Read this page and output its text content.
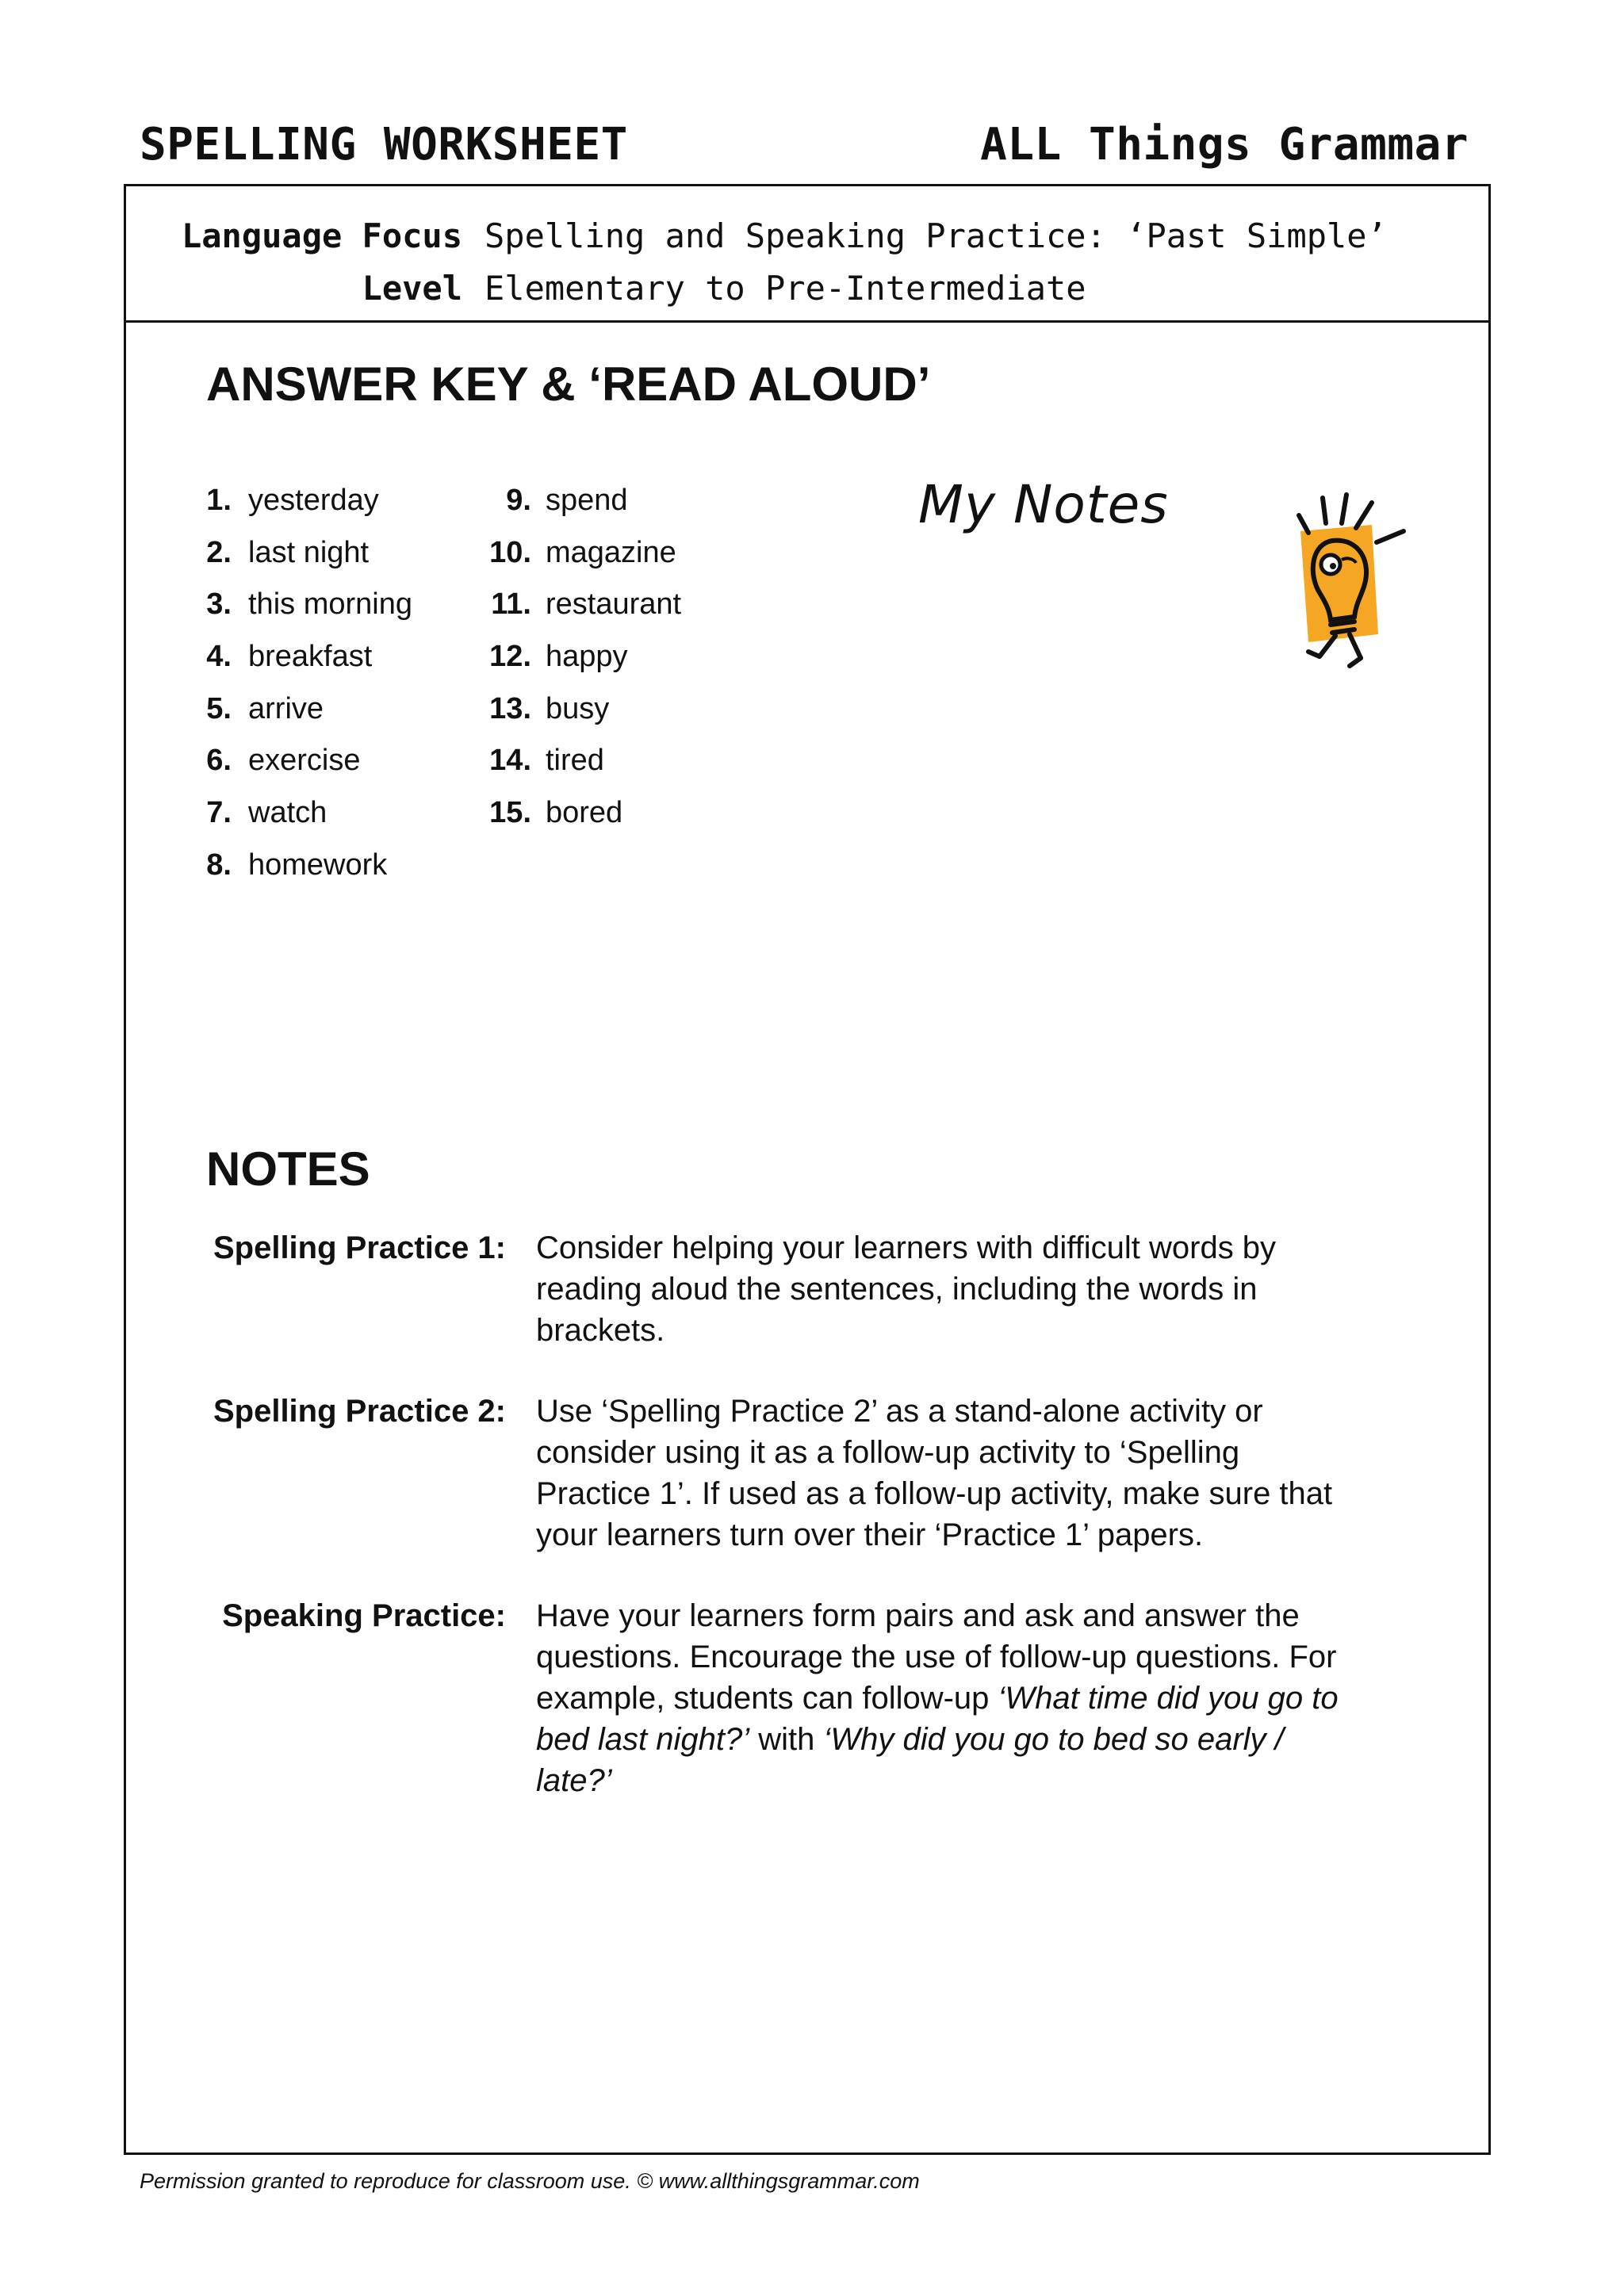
SPELLING WORKSHEET	ALL Things Grammar
Language Focus Spelling and Speaking Practice: ‘Past Simple’
Level Elementary to Pre-Intermediate
ANSWER KEY & ‘READ ALOUD’
1. yesterday
2. last night
3. this morning
4. breakfast
5. arrive
6. exercise
7. watch
8. homework
9. spend
10. magazine
11. restaurant
12. happy
13. busy
14. tired
15. bored
My Notes
NOTES
Spelling Practice 1: Consider helping your learners with difficult words by reading aloud the sentences, including the words in brackets.
Spelling Practice 2: Use ‘Spelling Practice 2’ as a stand-alone activity or consider using it as a follow-up activity to ‘Spelling Practice 1’. If used as a follow-up activity, make sure that your learners turn over their ‘Practice 1’ papers.
Speaking Practice: Have your learners form pairs and ask and answer the questions. Encourage the use of follow-up questions. For example, students can follow-up ‘What time did you go to bed last night?’ with ‘Why did you go to bed so early / late?’
Permission granted to reproduce for classroom use. © www.allthingsgrammar.com
